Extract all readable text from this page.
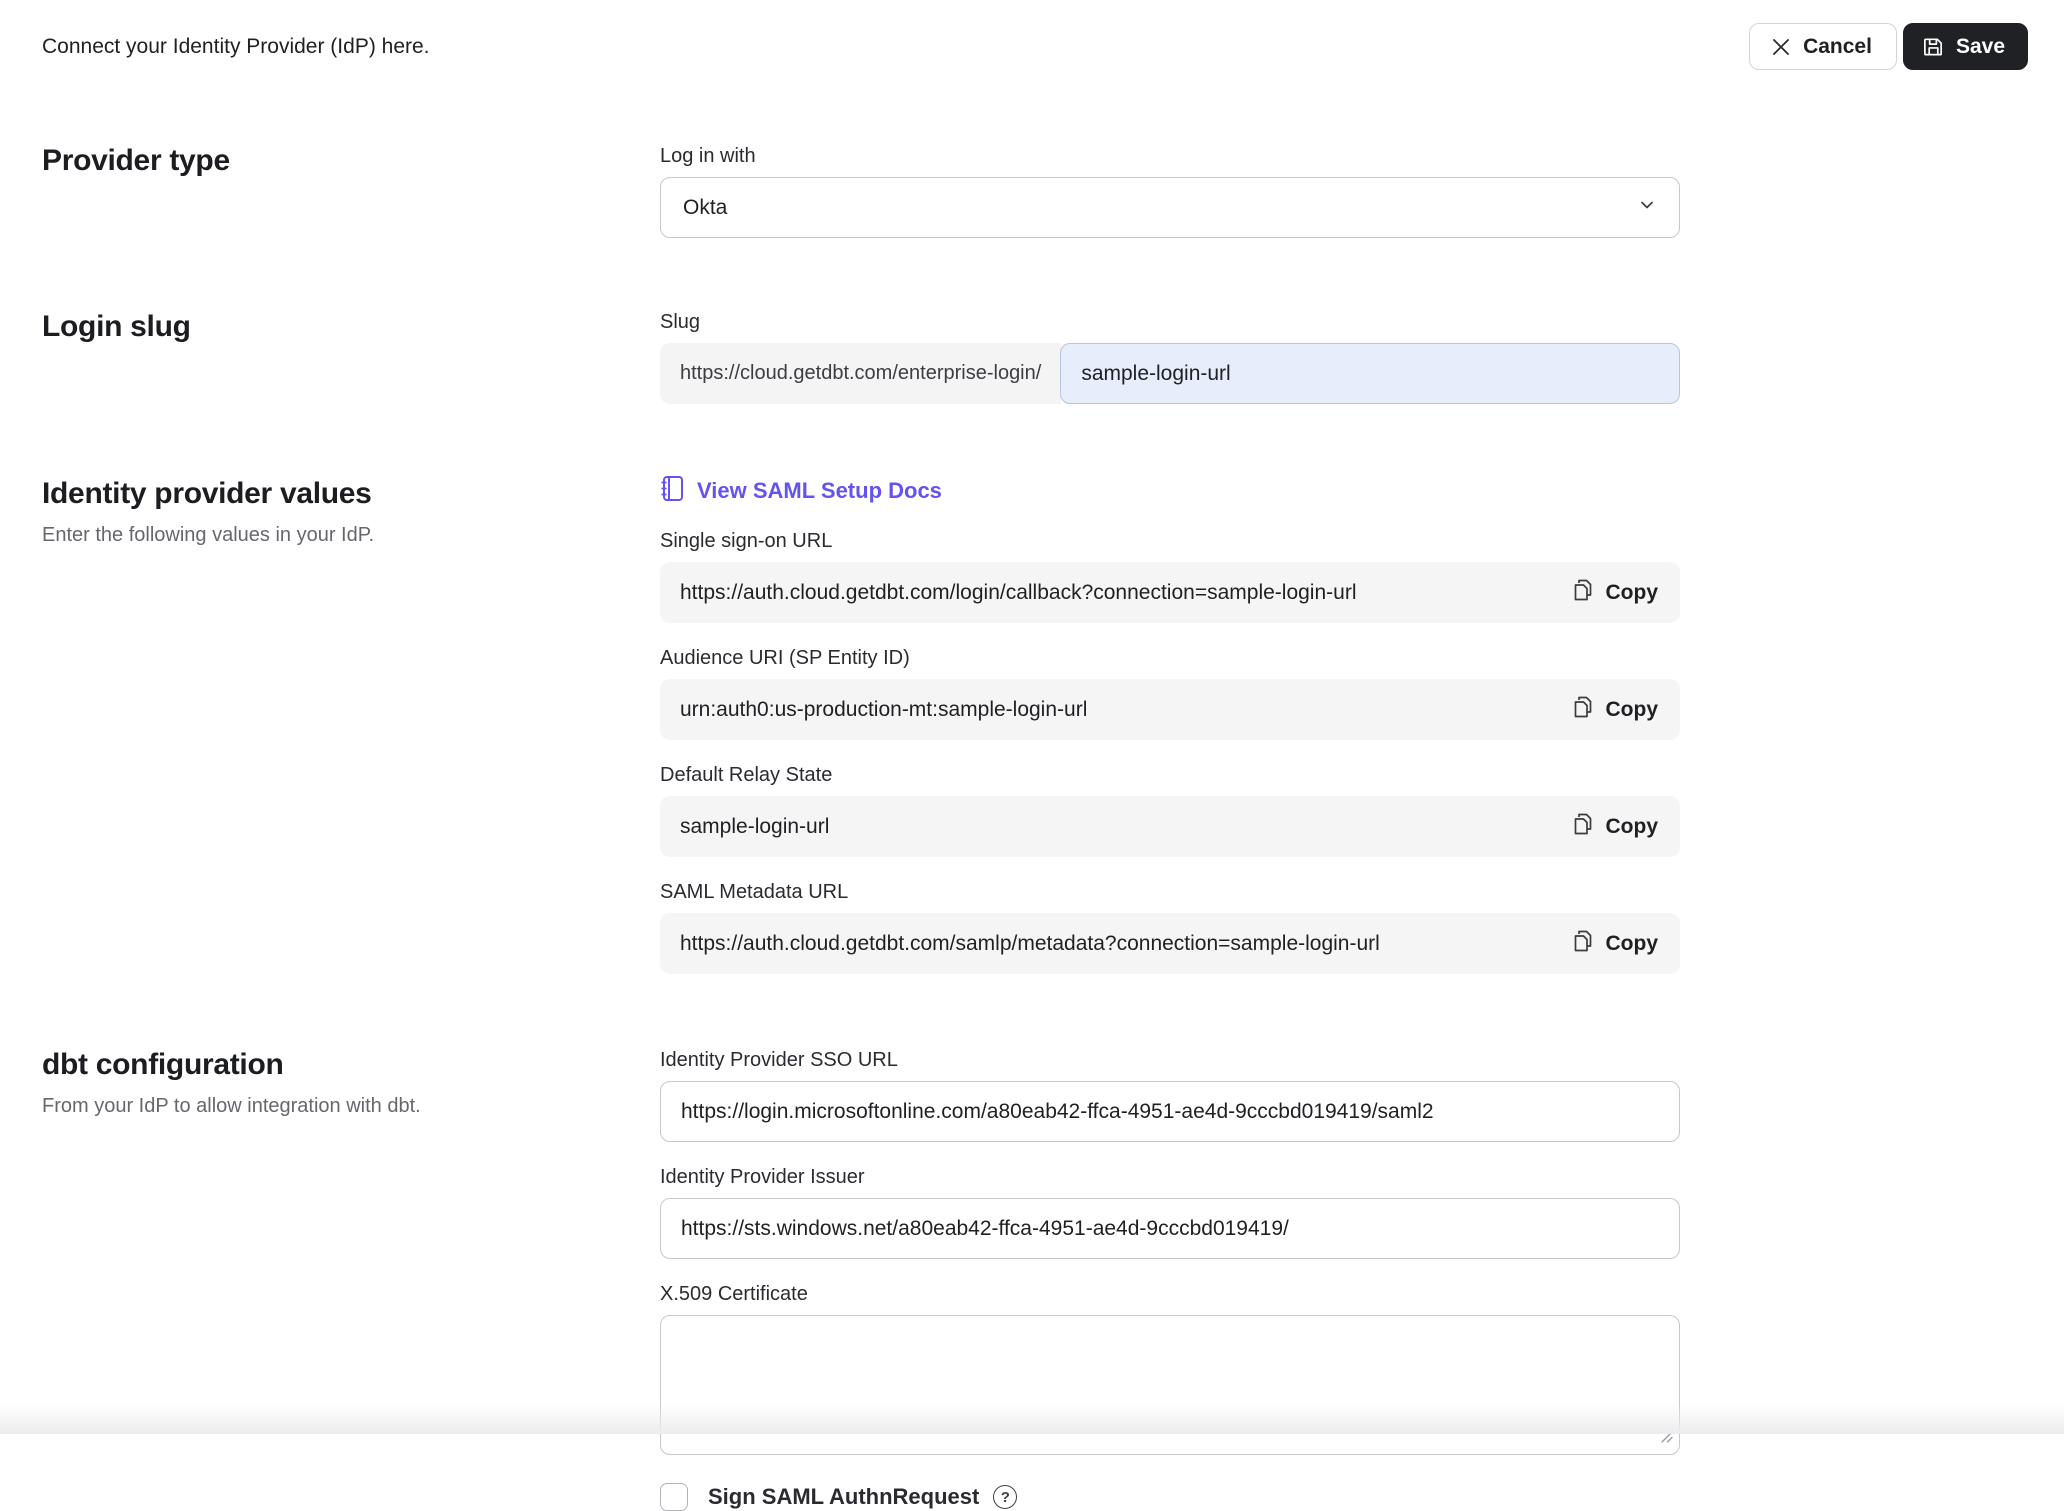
Connect your Identity Provider (IdP) here.	Cancel	Save
Provider type	Log in with
Okta
Login slug	Slug
https://cloud.getdbt.com/enterprise-login/
sample-login-url
Identity provider values
Enter the following values in your IdP.
View SAML Setup Docs
Single sign-on URL
https://auth.cloud.getdbt.com/login/callback?connection=sample-login-url	Copy
Audience URI (SP Entity ID)
urn:auth0:us-production-mt:sample-login-url	Copy
Default Relay State
sample-login-url	Copy
SAML Metadata URL
https://auth.cloud.getdbt.com/samlp/metadata?connection=sample-login-url	Copy
dbt configuration
From your IdP to allow integration with dbt.
Identity Provider SSO URL
https://login.microsoftonline.com/a80eab42-ffca-4951-ae4d-9cccbd019419/saml2
Identity Provider Issuer
https://sts.windows.net/a80eab42-ffca-4951-ae4d-9cccbd019419/
X.509 Certificate
Sign SAML AuthnRequest	?
